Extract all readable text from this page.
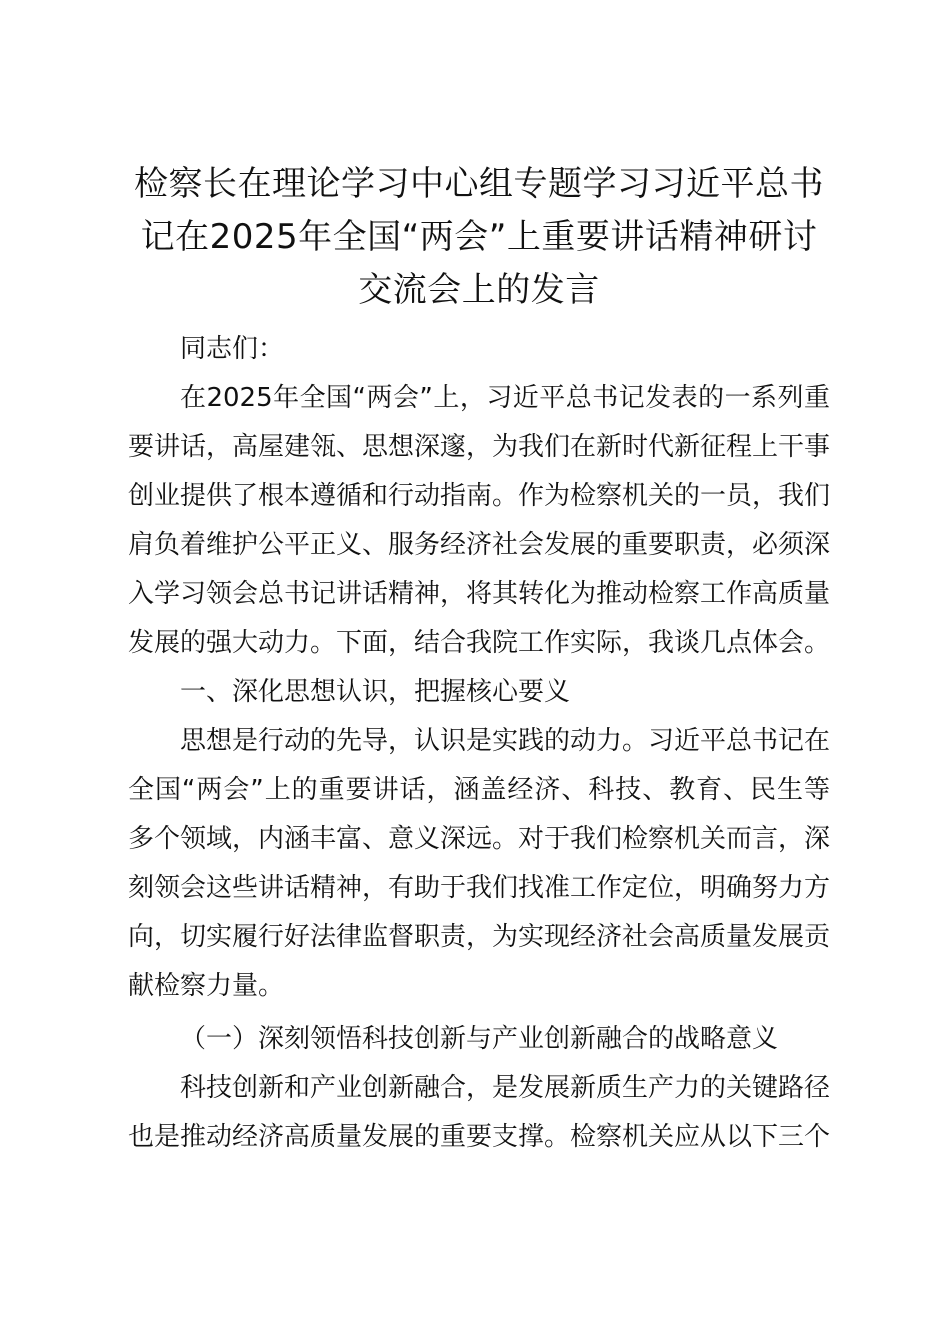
检察长在理论学习中心组专题学习习近平总书记在2025年全国“两会”上重要讲话精神研讨交流会上的发言

同志们：

在2025年全国“两会”上，习近平总书记发表的一系列重要讲话，高屋建瓴、思想深邃，为我们在新时代新征程上干事创业提供了根本遵循和行动指南。作为检察机关的一员，我们肩负着维护公平正义、服务经济社会发展的重要职责，必须深入学习领会总书记讲话精神，将其转化为推动检察工作高质量发展的强大动力。下面，结合我院工作实际，我谈几点体会。

一、深化思想认识，把握核心要义

思想是行动的先导，认识是实践的动力。习近平总书记在全国“两会”上的重要讲话，涵盖经济、科技、教育、民生等多个领域，内涵丰富、意义深远。对于我们检察机关而言，深刻领会这些讲话精神，有助于我们找准工作定位，明确努力方向，切实履行好法律监督职责，为实现经济社会高质量发展贡献检察力量。

（一）深刻领悟科技创新与产业创新融合的战略意义

科技创新和产业创新融合，是发展新质生产力的关键路径也是推动经济高质量发展的重要支撑。检察机关应从以下三个
